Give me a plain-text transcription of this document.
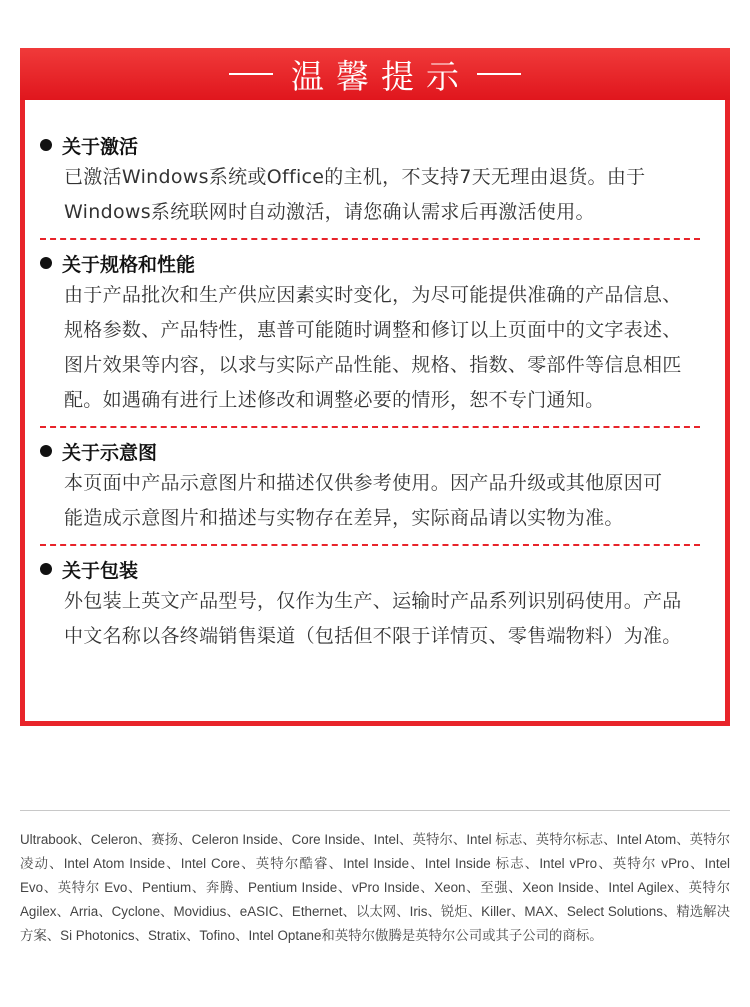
温馨提示
关于激活
已激活Windows系统或Office的主机，不支持7天无理由退货。由于
Windows系统联网时自动激活，请您确认需求后再激活使用。
关于规格和性能
由于产品批次和生产供应因素实时变化，为尽可能提供准确的产品信息、
规格参数、产品特性，惠普可能随时调整和修订以上页面中的文字表述、
图片效果等内容，以求与实际产品性能、规格、指数、零部件等信息相匹
配。如遇确有进行上述修改和调整必要的情形，恕不专门通知。
关于示意图
本页面中产品示意图片和描述仅供参考使用。因产品升级或其他原因可
能造成示意图片和描述与实物存在差异，实际商品请以实物为准。
关于包装
外包装上英文产品型号，仅作为生产、运输时产品系列识别码使用。产品
中文名称以各终端销售渠道（包括但不限于详情页、零售端物料）为准。
Ultrabook、Celeron、赛扬、Celeron Inside、Core Inside、Intel、英特尔、Intel 标志、英特尔标志、Intel Atom、英特尔凌动、Intel Atom Inside、Intel Core、英特尔酷睿、Intel Inside、Intel Inside 标志、Intel vPro、英特尔 vPro、Intel Evo、英特尔 Evo、Pentium、奔腾、Pentium Inside、vPro Inside、Xeon、至强、Xeon Inside、Intel Agilex、英特尔 Agilex、Arria、Cyclone、Movidius、eASIC、Ethernet、以太网、Iris、锐炬、Killer、MAX、Select Solutions、精选解决方案、Si Photonics、Stratix、Tofino、Intel Optane和英特尔傲腾是英特尔公司或其子公司的商标。
